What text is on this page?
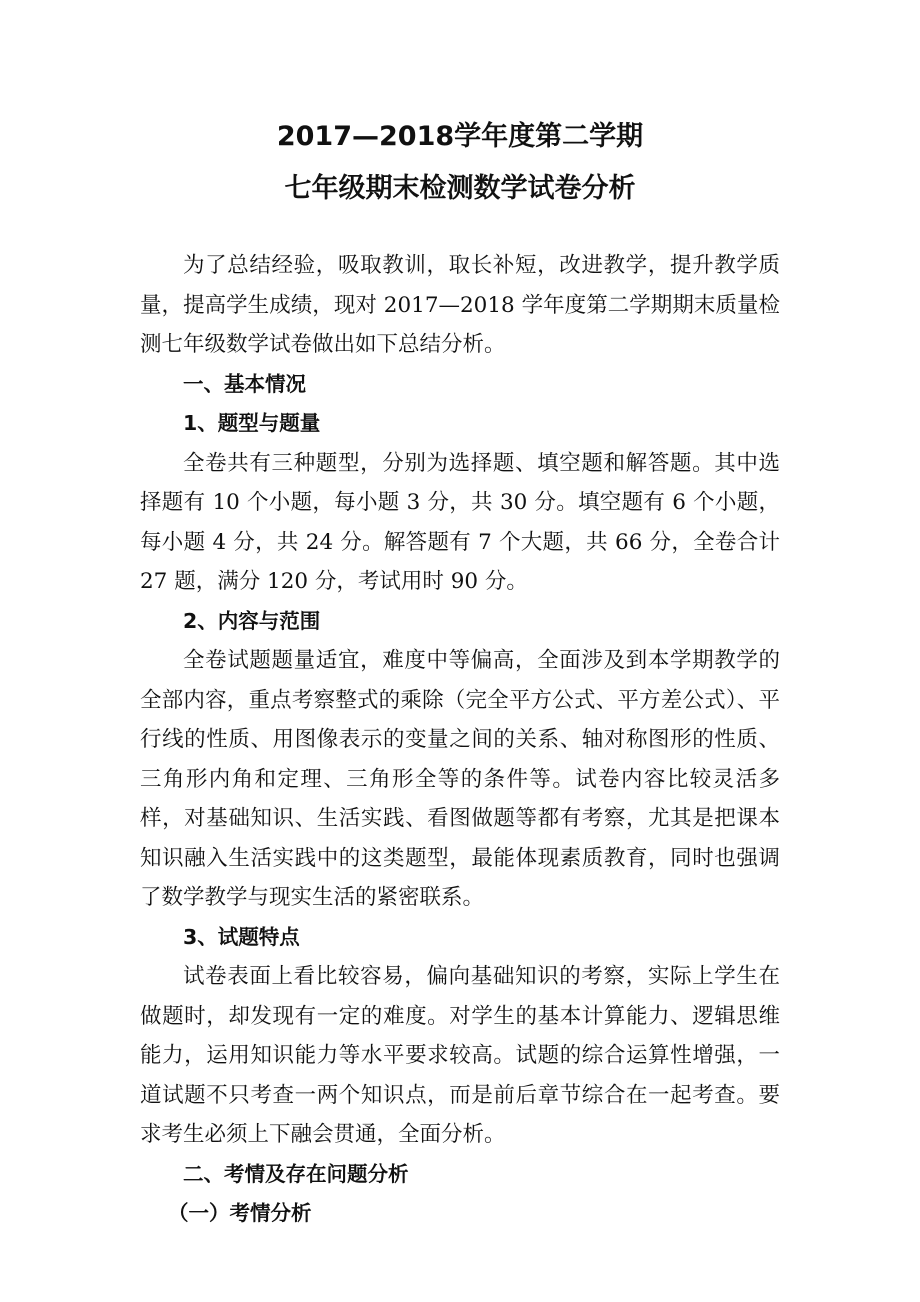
2017—2018学年度第二学期
七年级期末检测数学试卷分析

为了总结经验，吸取教训，取长补短，改进教学，提升教学质量，提高学生成绩，现对 2017—2018 学年度第二学期期末质量检测七年级数学试卷做出如下总结分析。

一、基本情况

1、题型与题量

全卷共有三种题型，分别为选择题、填空题和解答题。其中选择题有 10 个小题，每小题 3 分，共 30 分。填空题有 6 个小题，每小题 4 分，共 24 分。解答题有 7 个大题，共 66 分，全卷合计 27 题，满分 120 分，考试用时 90 分。

2、内容与范围

全卷试题题量适宜，难度中等偏高，全面涉及到本学期教学的全部内容，重点考察整式的乘除（完全平方公式、平方差公式）、平行线的性质、用图像表示的变量之间的关系、轴对称图形的性质、三角形内角和定理、三角形全等的条件等。试卷内容比较灵活多样，对基础知识、生活实践、看图做题等都有考察，尤其是把课本知识融入生活实践中的这类题型，最能体现素质教育，同时也强调了数学教学与现实生活的紧密联系。

3、试题特点

试卷表面上看比较容易，偏向基础知识的考察，实际上学生在做题时，却发现有一定的难度。对学生的基本计算能力、逻辑思维能力，运用知识能力等水平要求较高。试题的综合运算性增强，一道试题不只考查一两个知识点，而是前后章节综合在一起考查。要求考生必须上下融会贯通，全面分析。

二、考情及存在问题分析

（一）考情分析
